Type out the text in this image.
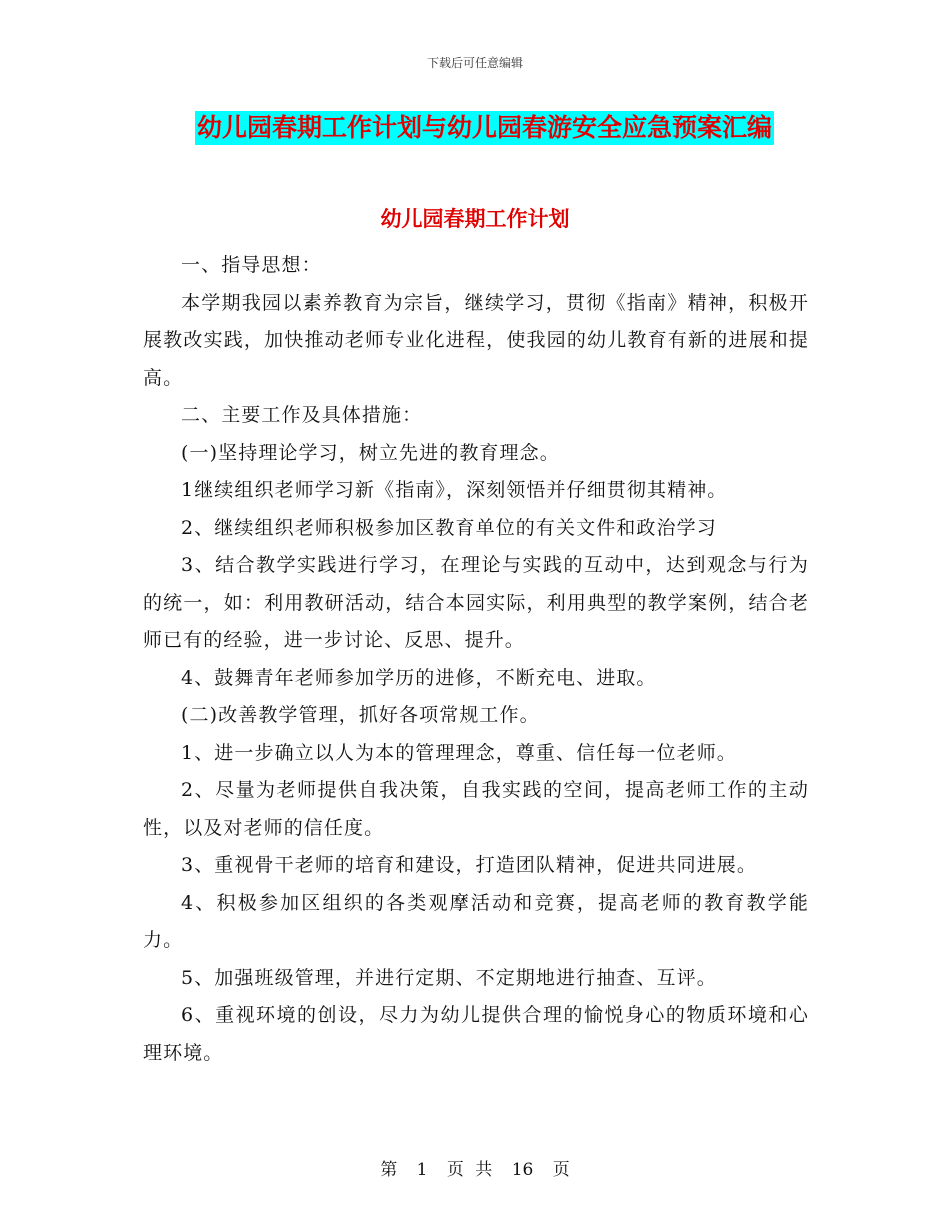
下载后可任意编辑
幼儿园春期工作计划与幼儿园春游安全应急预案汇编
幼儿园春期工作计划

一、指导思想：

本学期我园以素养教育为宗旨，继续学习，贯彻《指南》精神，积极开展教改实践，加快推动老师专业化进程，使我园的幼儿教育有新的进展和提高。

二、主要工作及具体措施：

(一)坚持理论学习，树立先进的教育理念。

1继续组织老师学习新《指南》，深刻领悟并仔细贯彻其精神。

2、继续组织老师积极参加区教育单位的有关文件和政治学习

3、结合教学实践进行学习，在理论与实践的互动中，达到观念与行为的统一，如：利用教研活动，结合本园实际，利用典型的教学案例，结合老师已有的经验，进一步讨论、反思、提升。

4、鼓舞青年老师参加学历的进修，不断充电、进取。

(二)改善教学管理，抓好各项常规工作。

1、进一步确立以人为本的管理理念，尊重、信任每一位老师。

2、尽量为老师提供自我决策，自我实践的空间，提高老师工作的主动性，以及对老师的信任度。

3、重视骨干老师的培育和建设，打造团队精神，促进共同进展。

4、积极参加区组织的各类观摩活动和竞赛，提高老师的教育教学能力。

5、加强班级管理，并进行定期、不定期地进行抽查、互评。

6、重视环境的创设，尽力为幼儿提供合理的愉悦身心的物质环境和心理环境。

第 1 页 共 16 页
